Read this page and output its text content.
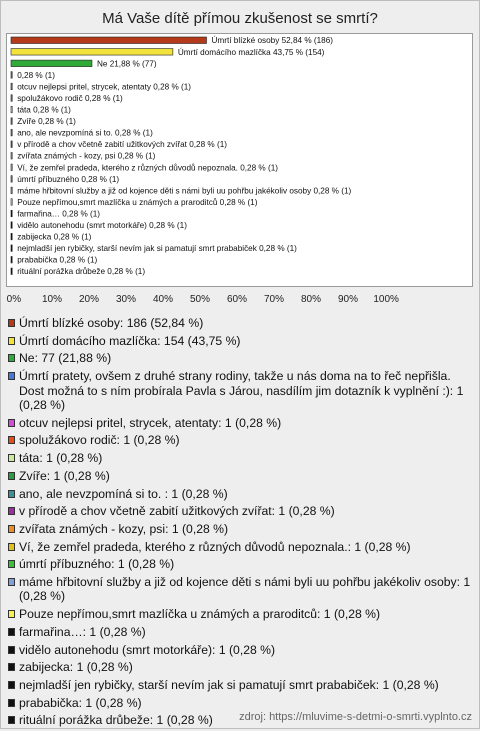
Má Vaše dítě přímou zkušenost se smrtí?
Úmrtí blízké osoby 52,84 % (186)
Úmrtí domácího mazlíčka 43,75 % (154)
Ne 21,88 % (77)
0,28 % (1)
otcuv nejlepsi pritel, strycek, atentaty 0,28 % (1)
spolužákovo rodič 0,28 % (1)
táta 0,28 % (1)
Zvíře 0,28 % (1)
ano, ale nevzpomíná si to. 0,28 % (1)
v přírodě a chov včetně zabití užitkových zvířat 0,28 % (1)
zvířata známých - kozy, psi 0,28 % (1)
Ví, že zemřel pradeda, kterého z různých důvodů nepoznala. 0,28 % (1)
úmrtí příbuzného 0,28 % (1)
máme hřbitovní služby a již od kojence děti s námi byli uu pohřbu jakékoliv osoby 0,28 % (1)
Pouze nepřímou,smrt mazlíčka u známých a praroditců 0,28 % (1)
farmařina… 0,28 % (1)
vidělo autonehodu (smrt motorkáře) 0,28 % (1)
zabijecka 0,28 % (1)
nejmladší jen rybičky, starší nevím jak si pamatují smrt prababiček 0,28 % (1)
prababička 0,28 % (1)
rituální porážka drůbeže 0,28 % (1)
0% 10% 20% 30% 40% 50% 60% 70% 80% 90% 100%
Úmrtí blízké osoby: 186 (52,84 %)
Úmrtí domácího mazlíčka: 154 (43,75 %)
Ne: 77 (21,88 %)
Úmrtí pratety, ovšem z druhé strany rodiny, takže u nás doma na to řeč nepřišla. Dost možná to s ním probírala Pavla s Járou, nasdílím jim dotazník k vyplnění :): 1 (0,28 %)
otcuv nejlepsi pritel, strycek, atentaty: 1 (0,28 %)
spolužákovo rodič: 1 (0,28 %)
táta: 1 (0,28 %)
Zvíře: 1 (0,28 %)
ano, ale nevzpomíná si to. : 1 (0,28 %)
v přírodě a chov včetně zabití užitkových zvířat: 1 (0,28 %)
zvířata známých - kozy, psi: 1 (0,28 %)
Ví, že zemřel pradeda, kterého z různých důvodů nepoznala.: 1 (0,28 %)
úmrtí příbuzného: 1 (0,28 %)
máme hřbitovní služby a již od kojence děti s námi byli uu pohřbu jakékoliv osoby: 1 (0,28 %)
Pouze nepřímou,smrt mazlíčka u známých a praroditců: 1 (0,28 %)
farmařina…: 1 (0,28 %)
vidělo autonehodu (smrt motorkáře): 1 (0,28 %)
zabijecka: 1 (0,28 %)
nejmladší jen rybičky, starší nevím jak si pamatují smrt prababiček: 1 (0,28 %)
prababička: 1 (0,28 %)
rituální porážka drůbeže: 1 (0,28 %)	zdroj: https://mluvime-s-detmi-o-smrti.vyplnto.cz
